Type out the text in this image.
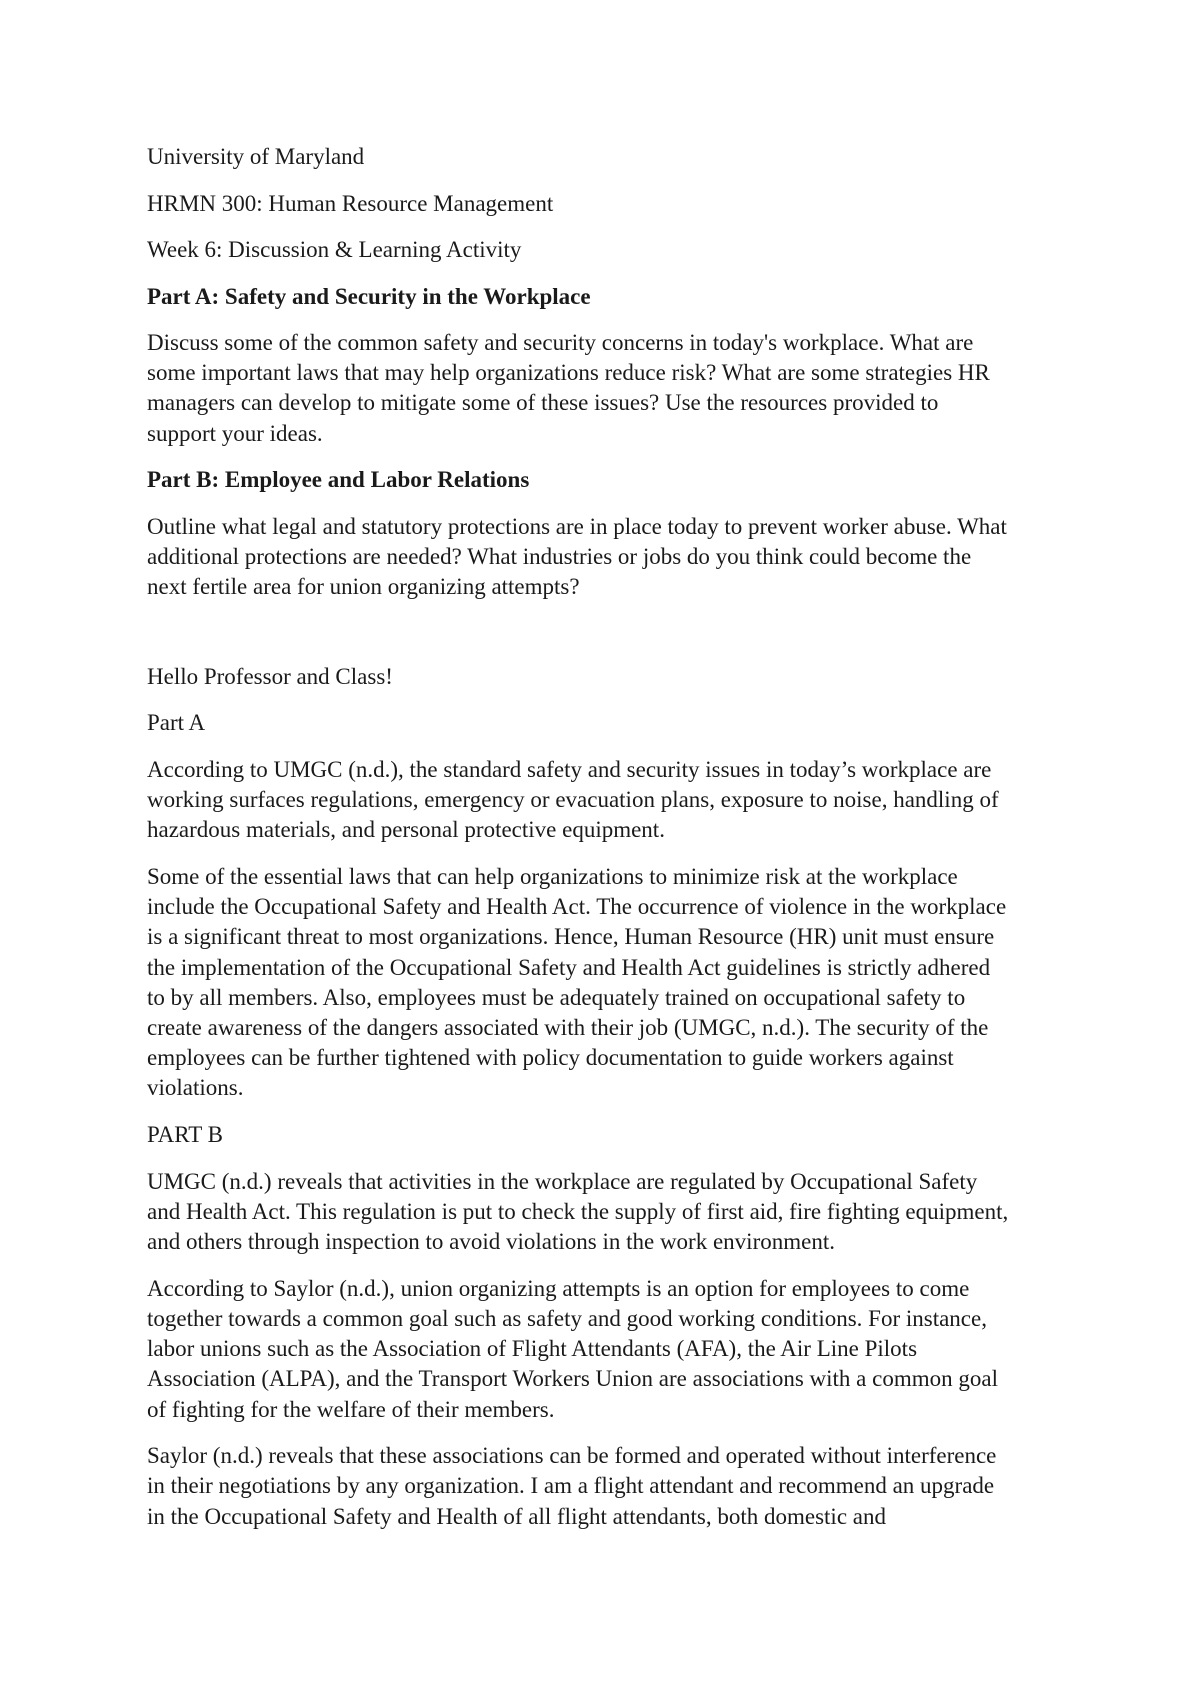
University of Maryland
HRMN 300: Human Resource Management
Week 6: Discussion & Learning Activity
Part A: Safety and Security in the Workplace
Discuss some of the common safety and security concerns in today's workplace. What are
some important laws that may help organizations reduce risk? What are some strategies HR
managers can develop to mitigate some of these issues? Use the resources provided to
support your ideas.
Part B: Employee and Labor Relations
Outline what legal and statutory protections are in place today to prevent worker abuse. What
additional protections are needed? What industries or jobs do you think could become the
next fertile area for union organizing attempts?
Hello Professor and Class!
Part A
According to UMGC (n.d.), the standard safety and security issues in today’s workplace are
working surfaces regulations, emergency or evacuation plans, exposure to noise, handling of
hazardous materials, and personal protective equipment.
Some of the essential laws that can help organizations to minimize risk at the workplace
include the Occupational Safety and Health Act. The occurrence of violence in the workplace
is a significant threat to most organizations. Hence, Human Resource (HR) unit must ensure
the implementation of the Occupational Safety and Health Act guidelines is strictly adhered
to by all members. Also, employees must be adequately trained on occupational safety to
create awareness of the dangers associated with their job (UMGC, n.d.). The security of the
employees can be further tightened with policy documentation to guide workers against
violations.
PART B
UMGC (n.d.) reveals that activities in the workplace are regulated by Occupational Safety
and Health Act. This regulation is put to check the supply of first aid, fire fighting equipment,
and others through inspection to avoid violations in the work environment.
According to Saylor (n.d.), union organizing attempts is an option for employees to come
together towards a common goal such as safety and good working conditions. For instance,
labor unions such as the Association of Flight Attendants (AFA), the Air Line Pilots
Association (ALPA), and the Transport Workers Union are associations with a common goal
of fighting for the welfare of their members.
Saylor (n.d.) reveals that these associations can be formed and operated without interference
in their negotiations by any organization. I am a flight attendant and recommend an upgrade
in the Occupational Safety and Health of all flight attendants, both domestic and
